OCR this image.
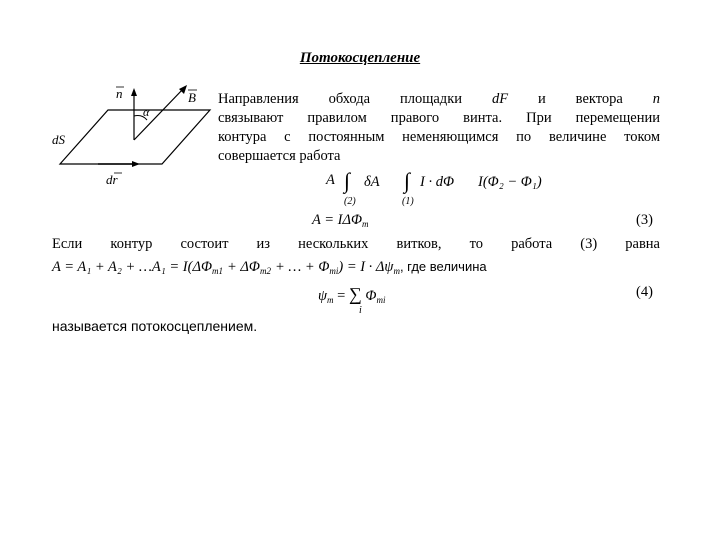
Потокосцепление
n	B
α
dS
dr
Направления обхода площадки dF и вектора n
связывают правилом правого винта. При перемещении
контура с постоянным неменяющимся по величине током
совершается работа
A ∫ δA
(2)
∫ I · dΦ
(1)
I(Φ₂ − Φ₁)
$A = I\Delta\Phi_m$	(3)
Если контур состоит из нескольких витков, то работа (3) равна
A = A₁ + A₂ + …A₁ = $I(\Delta\Phi_{m1} + \Delta\Phi_{m2}$ + … + $\Phi_{mi}) = I \cdot \Delta\psi_m$, где величина
$\psi_m$ = ∑ $\Phi_{mi}$
i
(4)
называется потокосцеплением.
